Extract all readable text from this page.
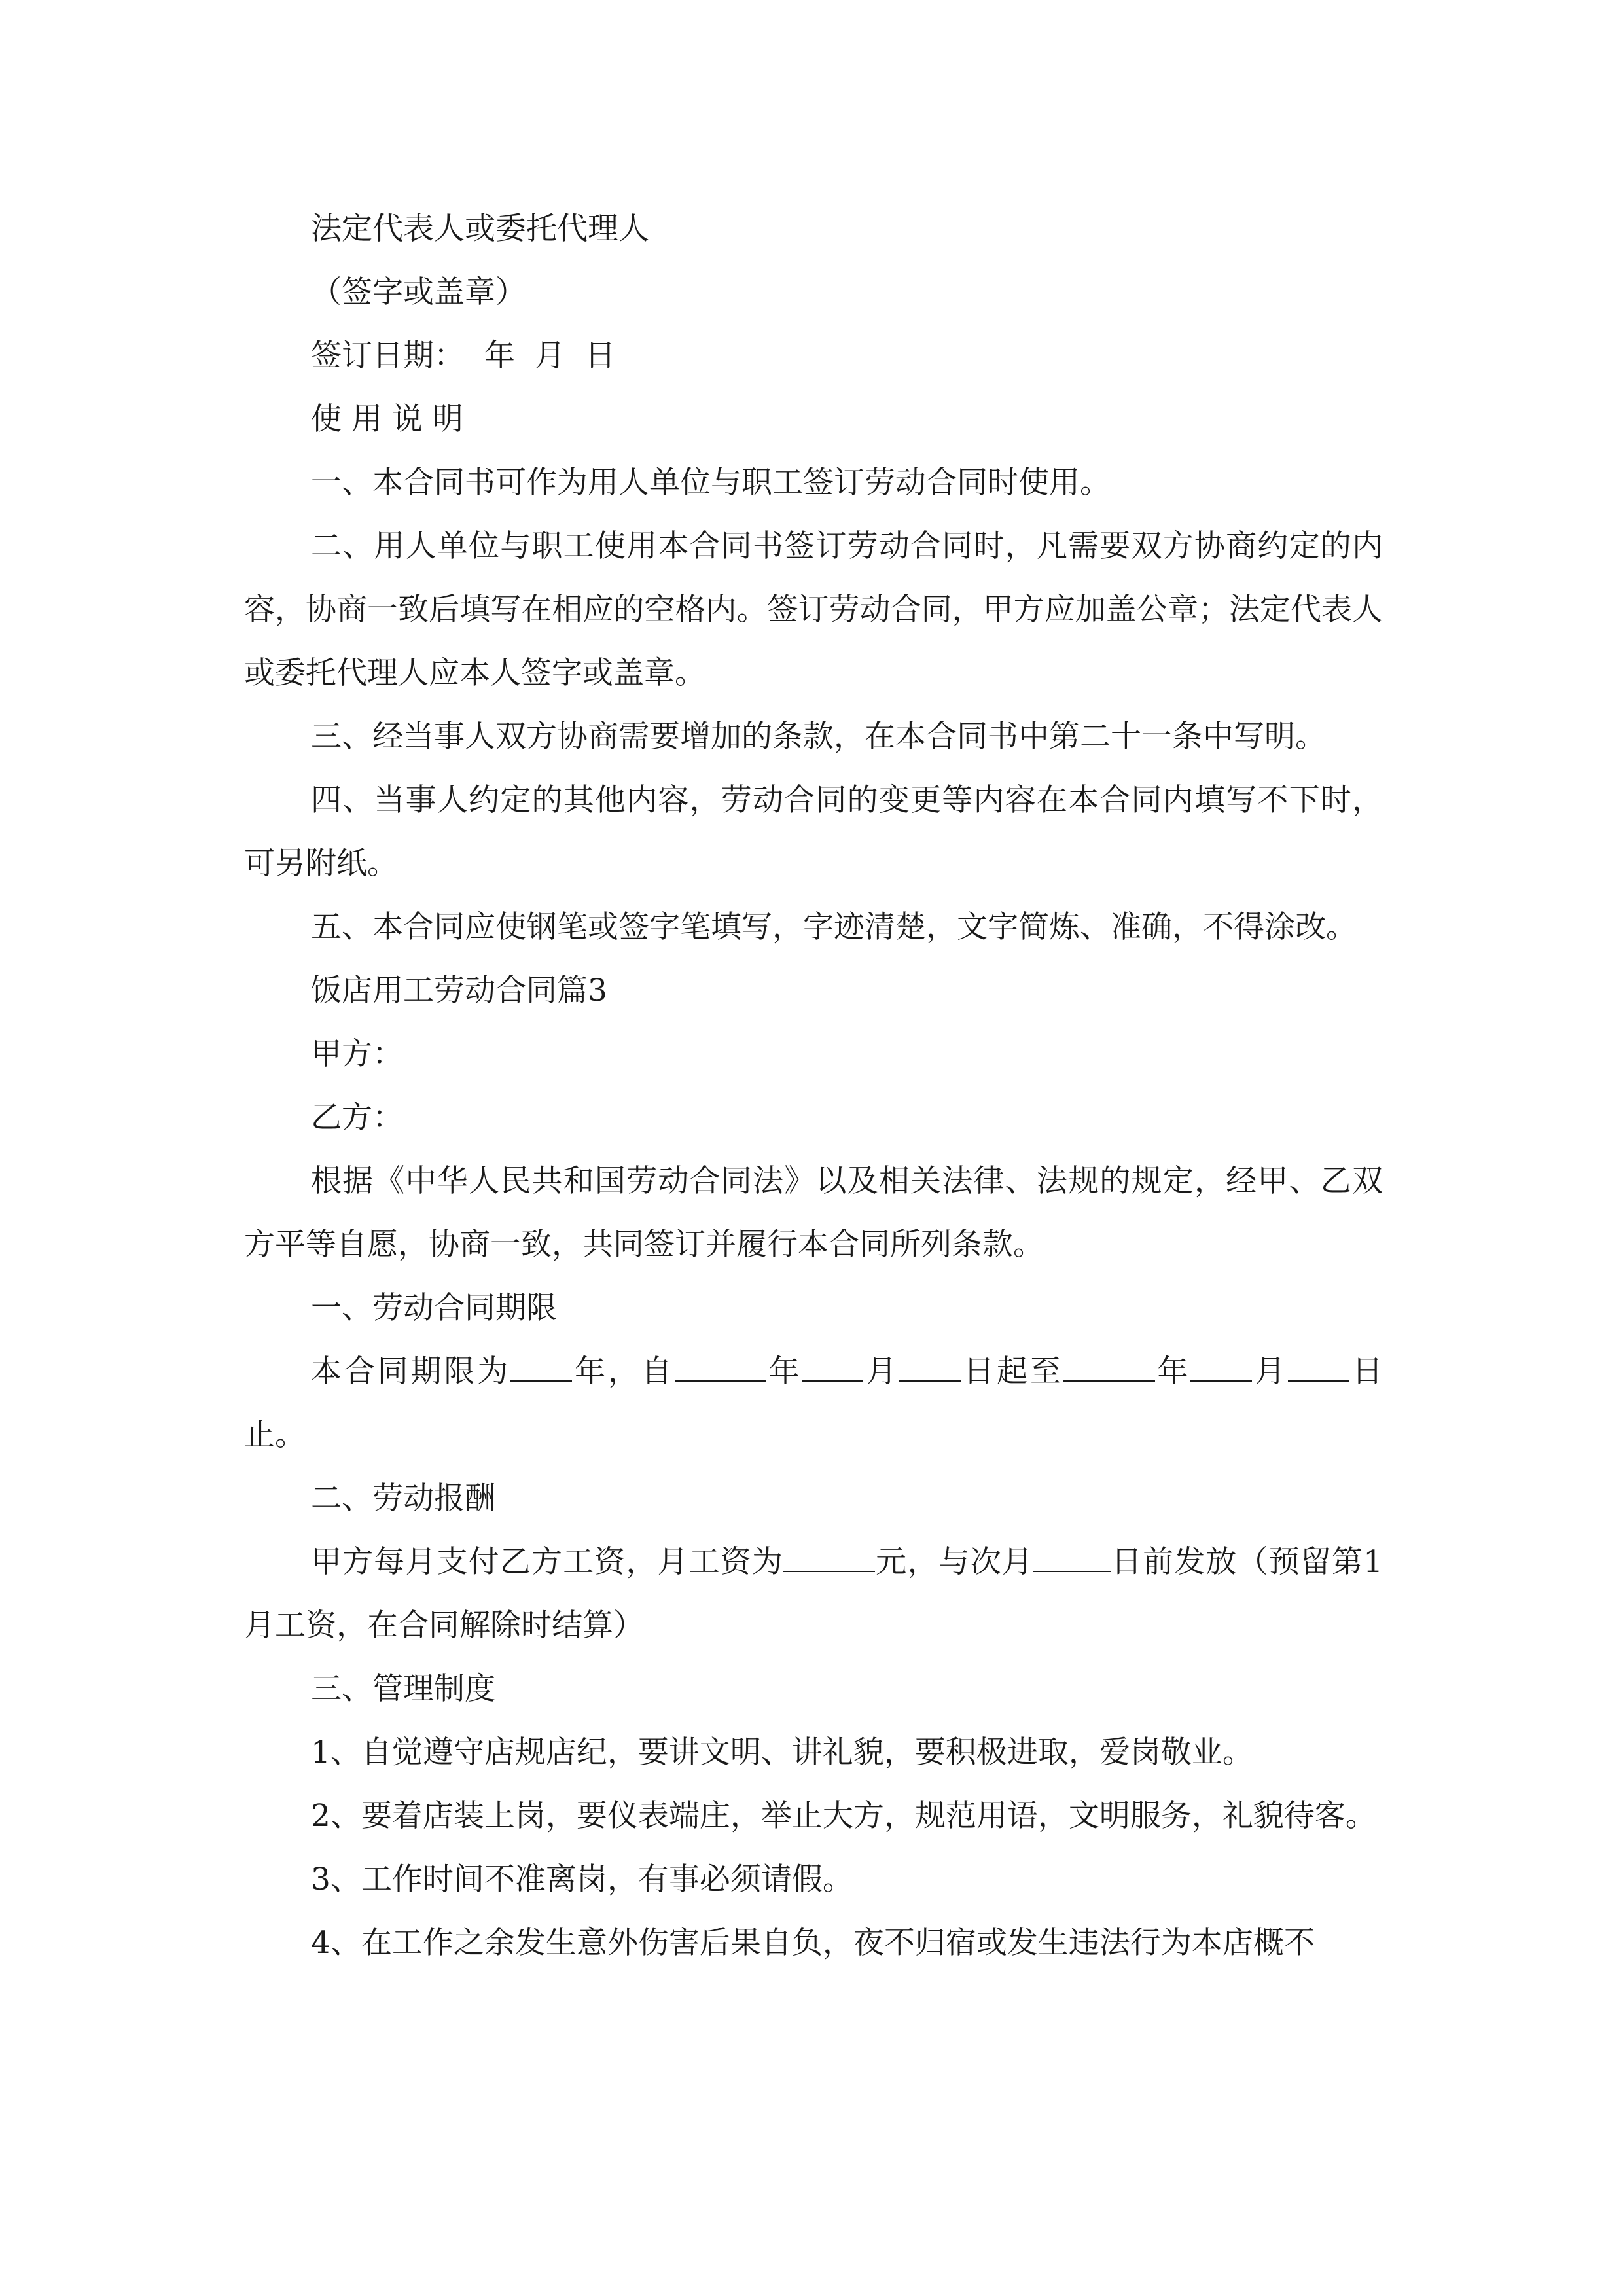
法定代表人或委托代理人

（签字或盖章）

签订日期：  年  月  日

使 用 说 明

一、本合同书可作为用人单位与职工签订劳动合同时使用。

二、用人单位与职工使用本合同书签订劳动合同时，凡需要双方协商约定的内容，协商一致后填写在相应的空格内。签订劳动合同，甲方应加盖公章；法定代表人或委托代理人应本人签字或盖章。

三、经当事人双方协商需要增加的条款，在本合同书中第二十一条中写明。

四、当事人约定的其他内容，劳动合同的变更等内容在本合同内填写不下时，可另附纸。

五、本合同应使钢笔或签字笔填写，字迹清楚，文字简炼、准确，不得涂改。

饭店用工劳动合同篇3

甲方：

乙方：

根据《中华人民共和国劳动合同法》以及相关法律、法规的规定，经甲、乙双方平等自愿，协商一致，共同签订并履行本合同所列条款。

一、劳动合同期限

本合同期限为 年，自	年 月 日起至	年 月 日止。

二、劳动报酬

甲方每月支付乙方工资，月工资为	元，与次月	日前发放（预留第1月工资，在合同解除时结算）

三、管理制度

1、自觉遵守店规店纪，要讲文明、讲礼貌，要积极进取，爱岗敬业。

2、要着店装上岗，要仪表端庄，举止大方，规范用语，文明服务，礼貌待客。

3、工作时间不准离岗，有事必须请假。

4、在工作之余发生意外伤害后果自负，夜不归宿或发生违法行为本店概不
